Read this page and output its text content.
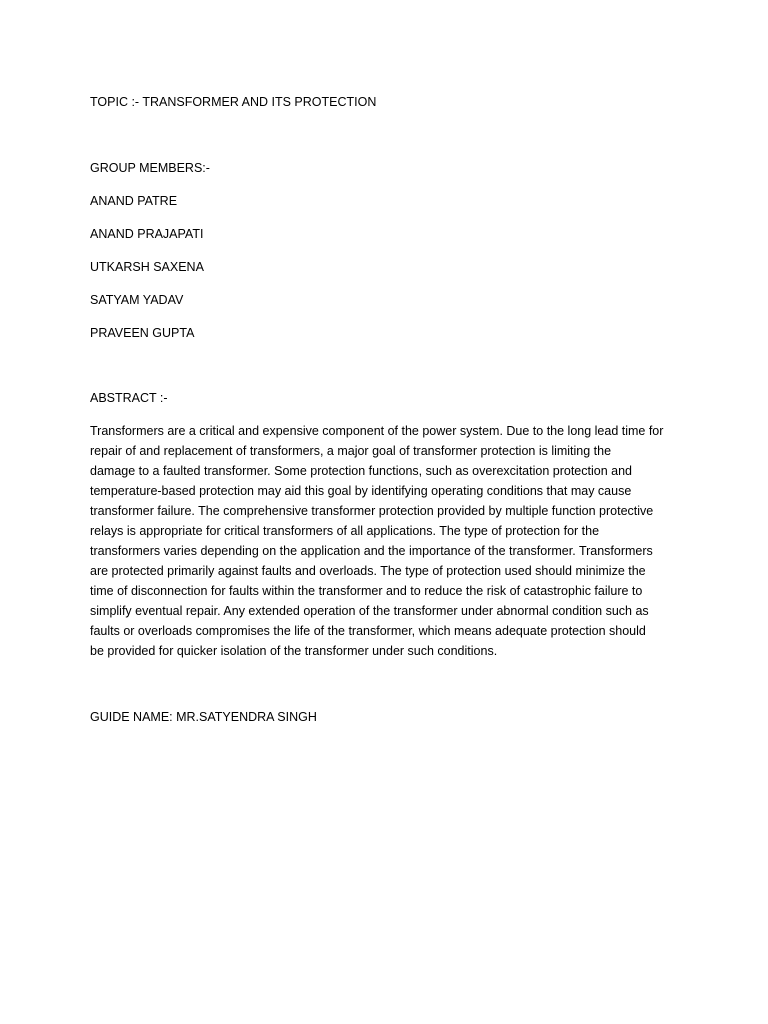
TOPIC :- TRANSFORMER AND ITS PROTECTION
GROUP MEMBERS:-
ANAND PATRE
ANAND PRAJAPATI
UTKARSH SAXENA
SATYAM YADAV
PRAVEEN GUPTA
ABSTRACT :-
Transformers are a critical and expensive component of the power system. Due to the long lead time for
repair of and replacement of transformers, a major goal of transformer protection is limiting the
damage to a faulted transformer. Some protection functions, such as overexcitation protection and
temperature-based protection may aid this goal by identifying operating conditions that may cause
transformer failure. The comprehensive transformer protection provided by multiple function protective
relays is appropriate for critical transformers of all applications. The type of protection for the
transformers varies depending on the application and the importance of the transformer. Transformers
are protected primarily against faults and overloads. The type of protection used should minimize the
time of disconnection for faults within the transformer and to reduce the risk of catastrophic failure to
simplify eventual repair. Any extended operation of the transformer under abnormal condition such as
faults or overloads compromises the life of the transformer, which means adequate protection should
be provided for quicker isolation of the transformer under such conditions.
GUIDE NAME: MR.SATYENDRA SINGH
